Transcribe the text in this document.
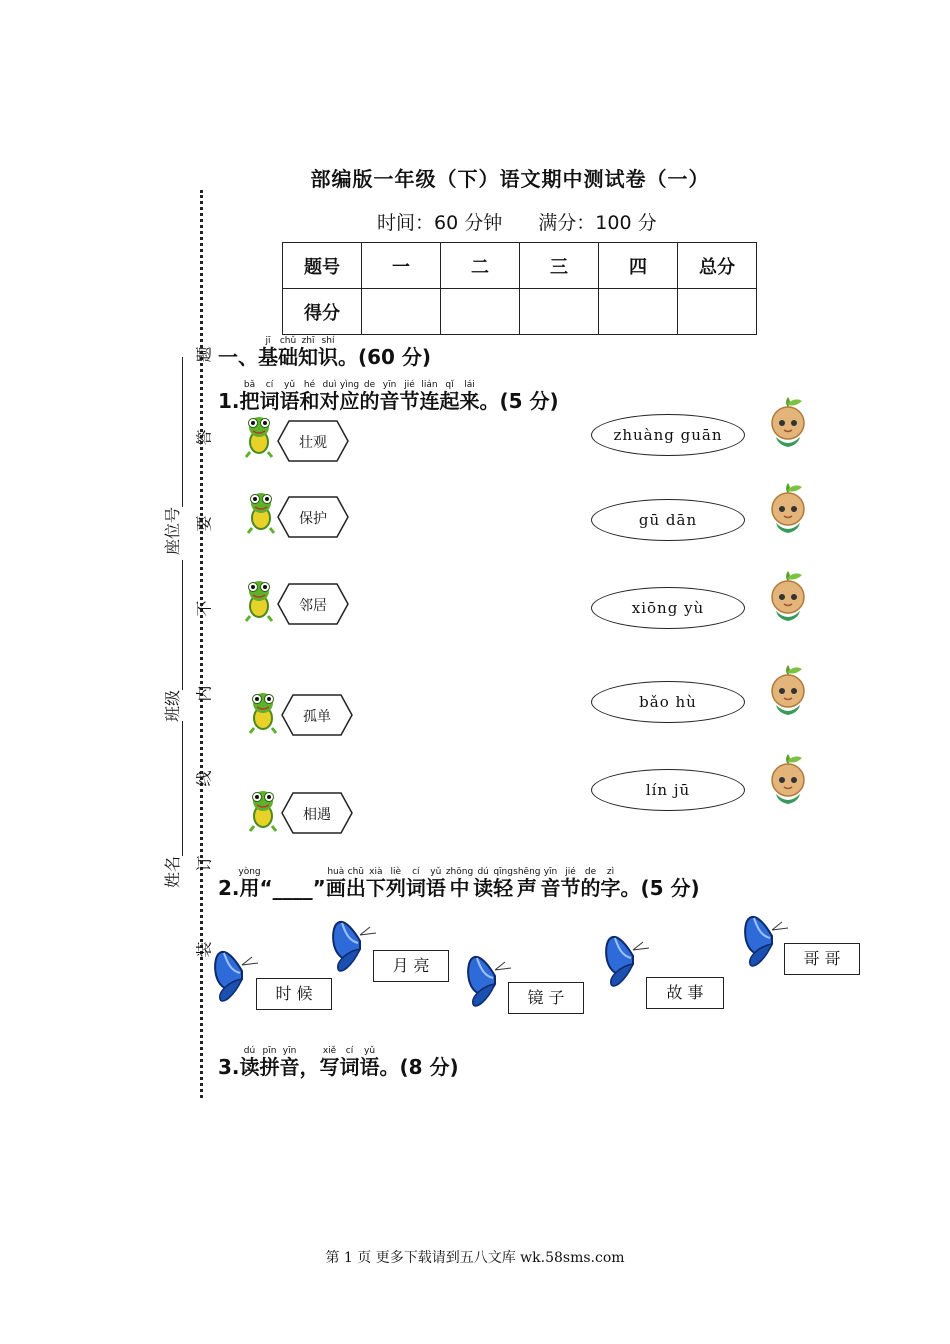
部编版一年级（下）语文期中测试卷（一）
时间：60 分钟 满分：100 分
题号	一	二	三	四	总分
得分					
题
答
要
不
内
线
订
装
座位号
班级
姓名
一、基jī础chǔ知zhī识shí。(60 分)
1.把bǎ词cí语yǔ和hé对duì应yìng的de音yīn节jié连lián起qǐ来lái。(5 分)
壮观	zhuàng guān
保护	gū dān
邻居	xiōng yù
孤单
bǎo hù
相遇
lín jū
2.用yòng“____”画huà出chū下xià列liè词cí语yǔ中zhōng读dú轻qīng声shēng音yīn节jié的de字zì。(5 分)
时 候
月 亮
镜 子	故 事
哥 哥
3.读dú拼pīn音yīn，写xiě词cí语yǔ。(8 分)
第 1 页 更多下载请到五八文库 wk.58sms.com
